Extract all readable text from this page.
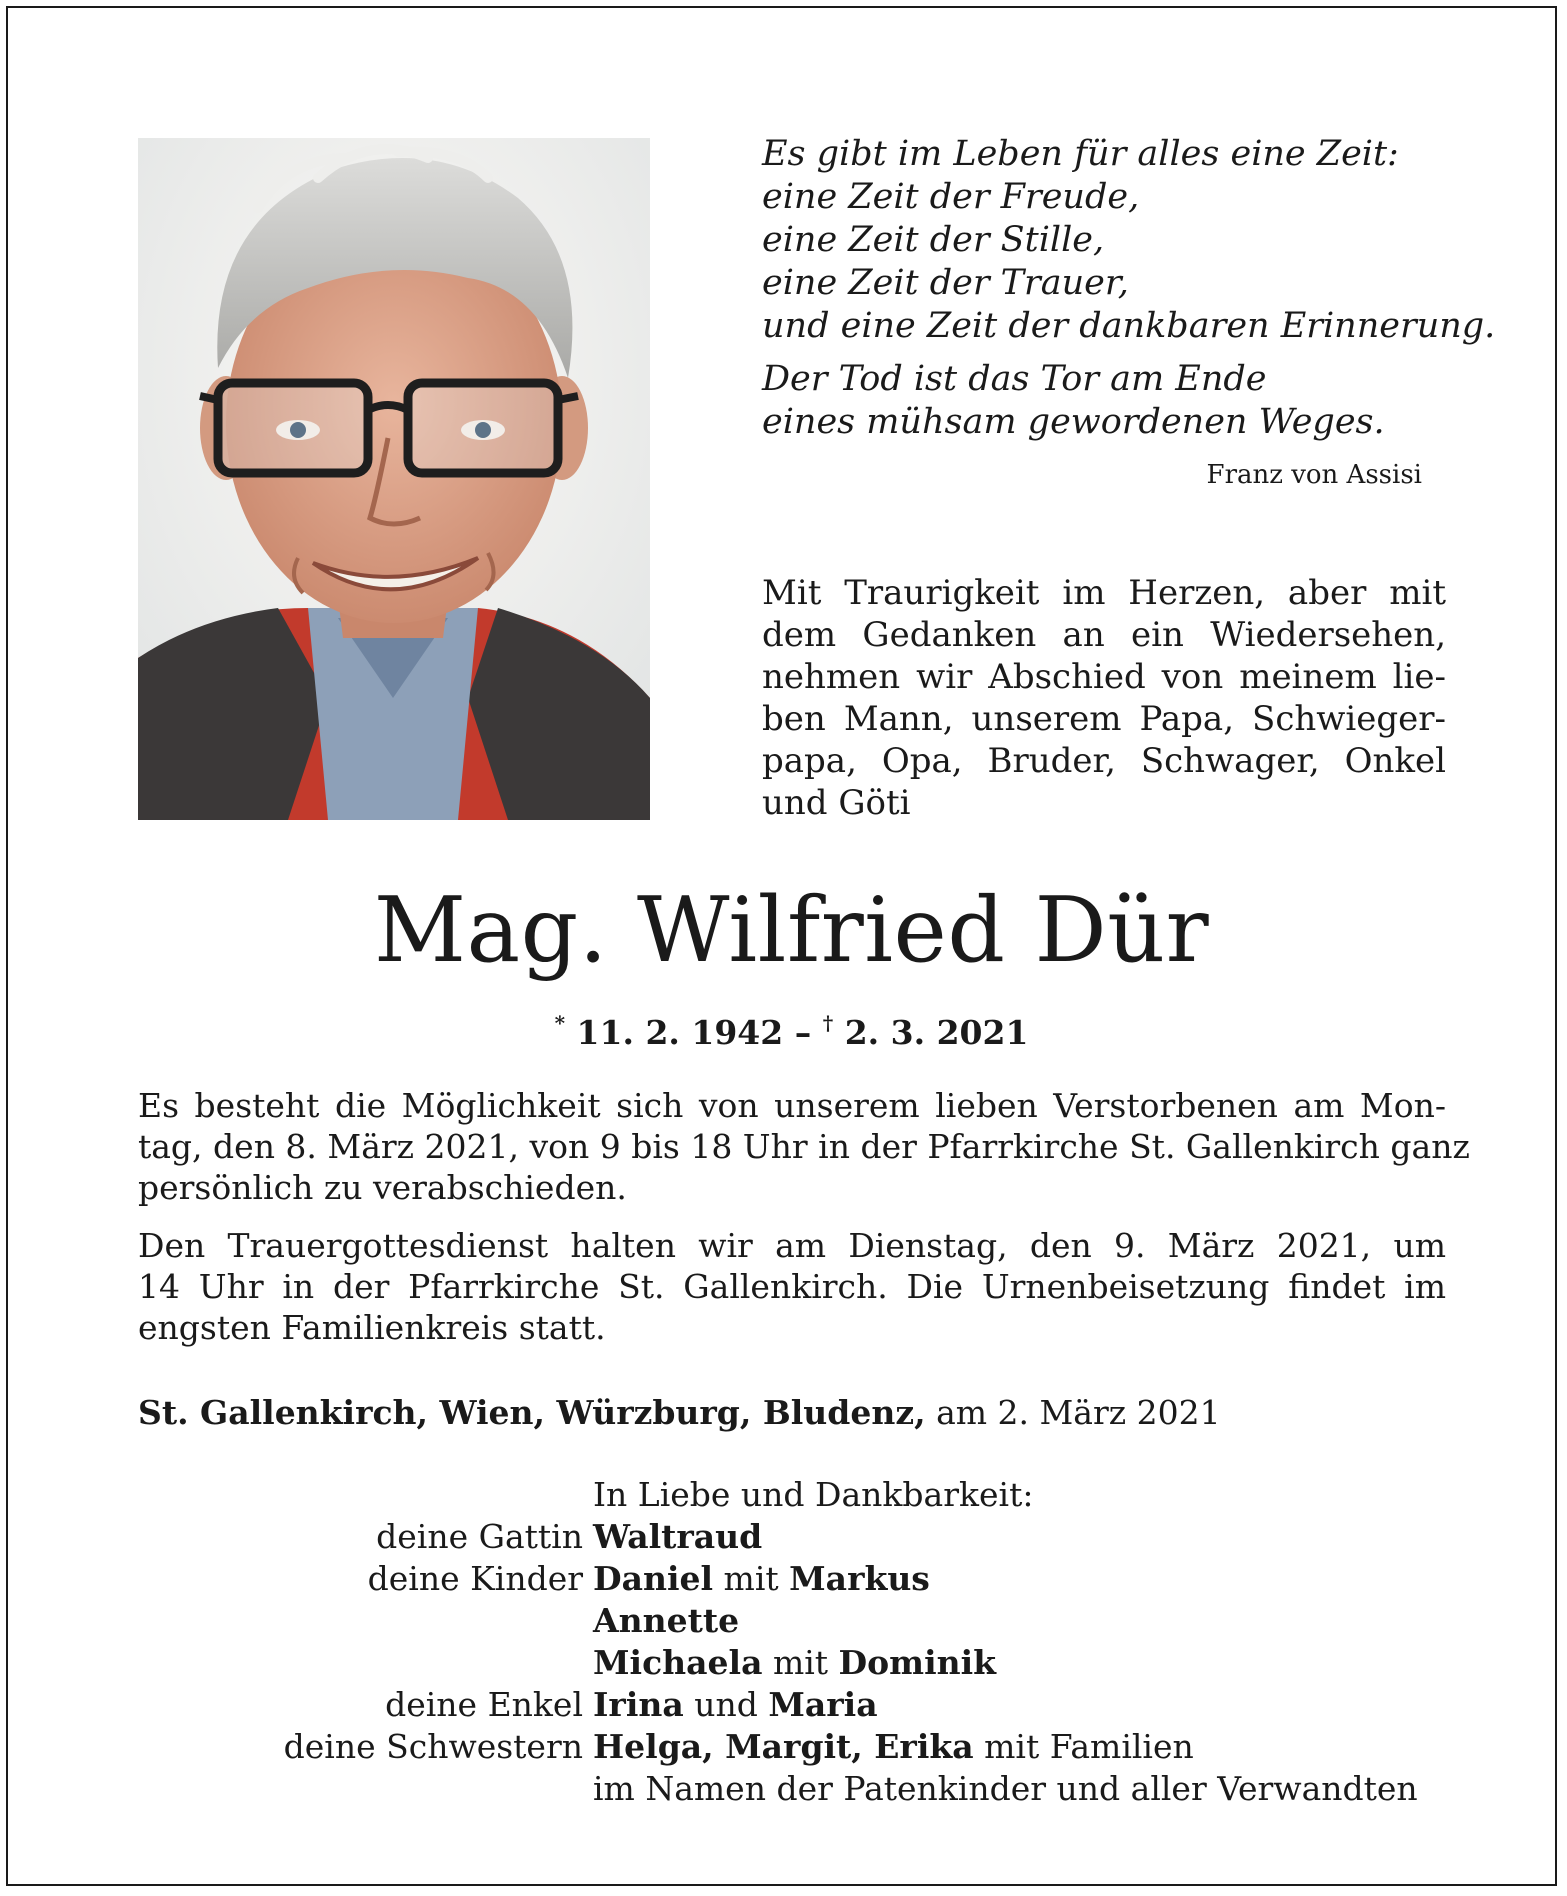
Es gibt im Leben für alles eine Zeit:
eine Zeit der Freude,
eine Zeit der Stille,
eine Zeit der Trauer,
und eine Zeit der dankbaren Erinnerung.
Der Tod ist das Tor am Ende
eines mühsam gewordenen Weges.
Franz von Assisi
Mit Traurigkeit im Herzen, aber mit
dem Gedanken an ein Wiedersehen,
nehmen wir Abschied von meinem lie-
ben Mann, unserem Papa, Schwieger-
papa, Opa, Bruder, Schwager, Onkel
und Göti
Mag. Wilfried Dür
* 11. 2. 1942 – † 2. 3. 2021
Es besteht die Möglichkeit sich von unserem lieben Verstorbenen am Mon-
tag, den 8. März 2021, von 9 bis 18 Uhr in der Pfarrkirche St. Gallenkirch ganz
persönlich zu verabschieden.
Den Trauergottesdienst halten wir am Dienstag, den 9. März 2021, um
14 Uhr in der Pfarrkirche St. Gallenkirch. Die Urnenbeisetzung findet im
engsten Familienkreis statt.
St. Gallenkirch, Wien, Würzburg, Bludenz, am 2. März 2021
In Liebe und Dankbarkeit:
deine Gattin Waltraud
deine Kinder Daniel mit Markus
Annette
Michaela mit Dominik
deine Enkel Irina und Maria
deine Schwestern Helga, Margit, Erika mit Familien
im Namen der Patenkinder und aller Verwandten
